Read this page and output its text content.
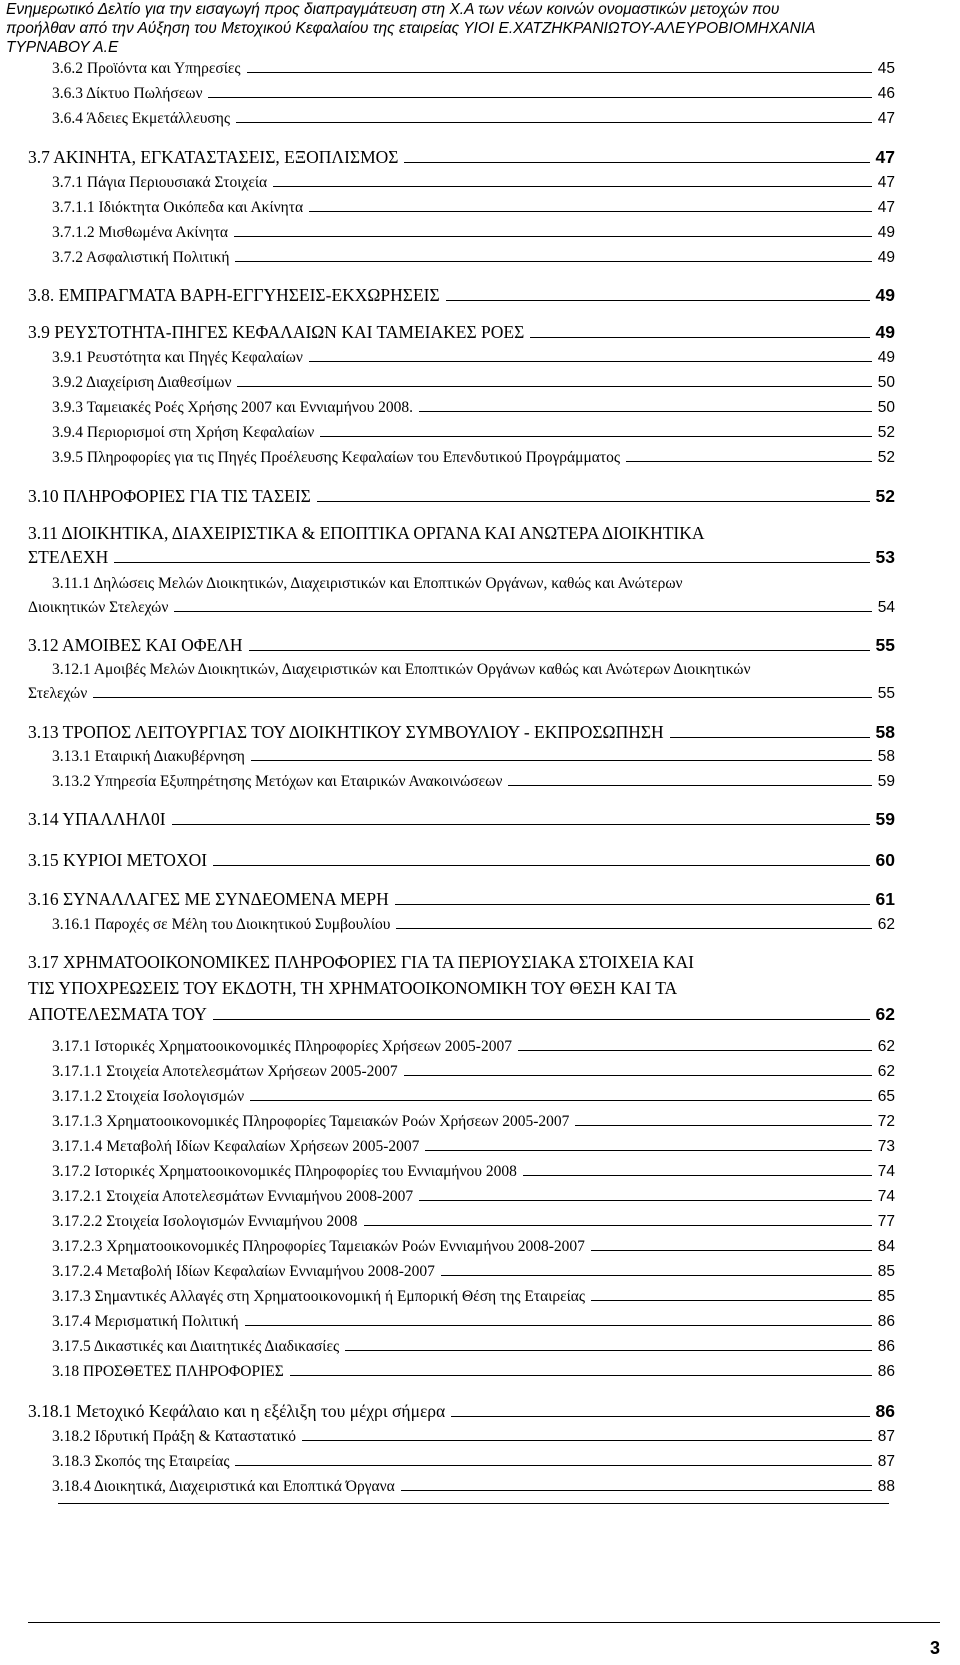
Ενημερωτικό Δελτίο για την εισαγωγή προς διαπραγμάτευση στη Χ.Α των νέων κοινών ονομαστικών μετοχών που
προήλθαν από την Αύξηση του Μετοχικού Κεφαλαίου της εταιρείας ΥΙΟΙ Ε.ΧΑΤΖΗΚΡΑΝΙΩΤΟΥ-ΑΛΕΥΡΟΒΙΟΜΗΧΑΝΙΑ
ΤΥΡΝΑΒΟΥ Α.Ε
3.6.2 Προϊόντα και Υπηρεσίες	45
3.6.3 Δίκτυο Πωλήσεων	46
3.6.4 Άδειες Εκμετάλλευσης	47
3.7 ΑΚΙΝΗΤΑ, ΕΓΚΑΤΑΣΤΑΣΕΙΣ, ΕΞΟΠΛΙΣΜΟΣ	47
3.7.1 Πάγια Περιουσιακά Στοιχεία	47
3.7.1.1 Ιδιόκτητα Οικόπεδα και Ακίνητα	47
3.7.1.2 Μισθωμένα Ακίνητα	49
3.7.2 Ασφαλιστική Πολιτική	49
3.8. ΕΜΠΡΑΓΜΑΤΑ ΒΑΡΗ-ΕΓΓΥΗΣΕΙΣ-ΕΚΧΩΡΗΣΕΙΣ	49
3.9 ΡΕΥΣΤΟΤΗΤΑ-ΠΗΓΕΣ ΚΕΦΑΛΑΙΩΝ ΚΑΙ ΤΑΜΕΙΑΚΕΣ ΡΟΕΣ	49
3.9.1 Ρευστότητα και Πηγές Κεφαλαίων	49
3.9.2 Διαχείριση Διαθεσίμων	50
3.9.3 Ταμειακές Ροές Χρήσης 2007 και Εννιαμήνου 2008.	50
3.9.4 Περιορισμοί στη Χρήση Κεφαλαίων	52
3.9.5 Πληροφορίες για τις Πηγές Προέλευσης Κεφαλαίων του Επενδυτικού Προγράμματος	52
3.10 ΠΛΗΡΟΦΟΡΙΕΣ ΓΙΑ ΤΙΣ ΤΑΣΕΙΣ	52
3.11 ΔΙΟΙΚΗΤΙΚΑ, ΔΙΑΧΕΙΡΙΣΤΙΚΑ & ΕΠΟΠΤΙΚΑ ΟΡΓΑΝΑ ΚΑΙ ΑΝΩΤΕΡΑ ΔΙΟΙΚΗΤΙΚΑ
ΣΤΕΛΕΧΗ	53
3.11.1 Δηλώσεις Μελών Διοικητικών, Διαχειριστικών και Εποπτικών Οργάνων, καθώς και Ανώτερων
Διοικητικών Στελεχών	54
3.12 ΑΜΟΙΒΕΣ ΚΑΙ ΟΦΕΛΗ	55
3.12.1 Αμοιβές Μελών Διοικητικών, Διαχειριστικών και Εποπτικών Οργάνων καθώς και Ανώτερων Διοικητικών
Στελεχών	55
3.13 ΤΡΟΠΟΣ ΛΕΙΤΟΥΡΓΙΑΣ ΤΟΥ ΔΙΟΙΚΗΤΙΚΟΥ ΣΥΜΒΟΥΛΙΟΥ - ΕΚΠΡΟΣΩΠΗΣΗ	58
3.13.1 Εταιρική Διακυβέρνηση	58
3.13.2 Υπηρεσία Εξυπηρέτησης Μετόχων και Εταιρικών Ανακοινώσεων	59
3.14 ΥΠΑΛΛΗΛ0Ι	59
3.15 ΚΥΡΙΟΙ ΜΕΤΟΧΟΙ	60
3.16 ΣΥΝΑΛΛΑΓΕΣ ΜΕ ΣΥΝΔΕΟΜΕΝΑ ΜΕΡΗ	61
3.16.1 Παροχές σε Μέλη του Διοικητικού Συμβουλίου	62
3.17 ΧΡΗΜΑΤΟΟΙΚΟΝΟΜΙΚΕΣ ΠΛΗΡΟΦΟΡΙΕΣ ΓΙΑ ΤΑ ΠΕΡΙΟΥΣΙΑΚΑ ΣΤΟΙΧΕΙΑ ΚΑΙ
ΤΙΣ ΥΠΟΧΡΕΩΣΕΙΣ ΤΟΥ ΕΚΔΟΤΗ, ΤΗ ΧΡΗΜΑΤΟΟΙΚΟΝΟΜΙΚΗ ΤΟΥ ΘΕΣΗ ΚΑΙ ΤΑ
ΑΠΟΤΕΛΕΣΜΑΤΑ ΤΟΥ	62
3.17.1 Ιστορικές Χρηματοοικονομικές Πληροφορίες Χρήσεων 2005-2007	62
3.17.1.1 Στοιχεία Αποτελεσμάτων Χρήσεων 2005-2007	62
3.17.1.2 Στοιχεία Ισολογισμών	65
3.17.1.3 Χρηματοοικονομικές Πληροφορίες Ταμειακών Ροών Χρήσεων 2005-2007	72
3.17.1.4 Μεταβολή Ιδίων Κεφαλαίων Χρήσεων 2005-2007	73
3.17.2 Ιστορικές Χρηματοοικονομικές Πληροφορίες του Εννιαμήνου 2008	74
3.17.2.1 Στοιχεία Αποτελεσμάτων Εννιαμήνου 2008-2007	74
3.17.2.2 Στοιχεία Ισολογισμών Εννιαμήνου 2008	77
3.17.2.3 Χρηματοοικονομικές Πληροφορίες Ταμειακών Ροών Εννιαμήνου 2008-2007	84
3.17.2.4 Μεταβολή Ιδίων Κεφαλαίων Εννιαμήνου 2008-2007	85
3.17.3 Σημαντικές Αλλαγές στη Χρηματοοικονομική ή Εμπορική Θέση της Εταιρείας	85
3.17.4 Μερισματική Πολιτική	86
3.17.5 Δικαστικές και Διαιτητικές Διαδικασίες	86
3.18 ΠΡΟΣΘΕΤΕΣ ΠΛΗΡΟΦΟΡΙΕΣ	86
3.18.1 Μετοχικό Κεφάλαιο και η εξέλιξη του μέχρι σήμερα	86
3.18.2 Ιδρυτική Πράξη & Καταστατικό	87
3.18.3 Σκοπός της Εταιρείας	87
3.18.4 Διοικητικά, Διαχειριστικά και Εποπτικά Όργανα	88
3
